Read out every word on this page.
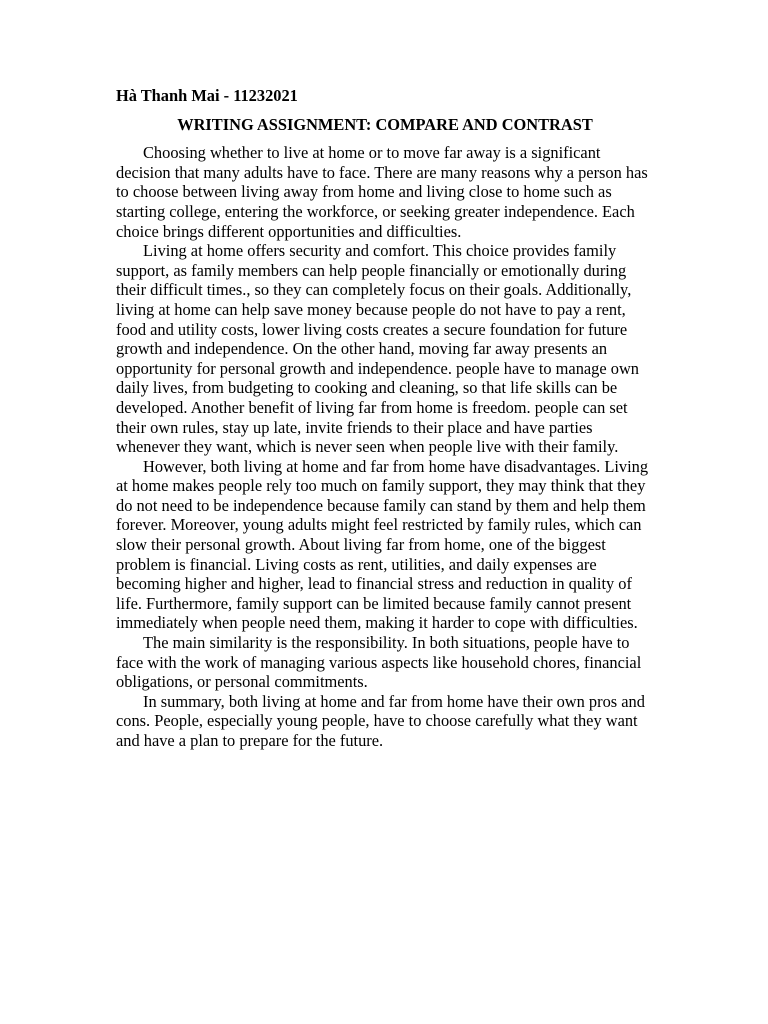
Hà Thanh Mai - 11232021
WRITING ASSIGNMENT: COMPARE AND CONTRAST

Choosing whether to live at home or to move far away is a significant decision that many adults have to face. There are many reasons why a person has to choose between living away from home and living close to home such as starting college, entering the workforce, or seeking greater independence. Each choice brings different opportunities and difficulties.

Living at home offers security and comfort. This choice provides family support, as family members can help people financially or emotionally during their difficult times., so they can completely focus on their goals. Additionally, living at home can help save money because people do not have to pay a rent, food and utility costs, lower living costs creates a secure foundation for future growth and independence. On the other hand, moving far away presents an opportunity for personal growth and independence. people have to manage own daily lives, from budgeting to cooking and cleaning, so that life skills can be developed. Another benefit of living far from home is freedom. people can set their own rules, stay up late, invite friends to their place and have parties whenever they want, which is never seen when people live with their family.

However, both living at home and far from home have disadvantages. Living at home makes people rely too much on family support, they may think that they do not need to be independence because family can stand by them and help them forever. Moreover, young adults might feel restricted by family rules, which can slow their personal growth. About living far from home, one of the biggest problem is financial. Living costs as rent, utilities, and daily expenses are becoming higher and higher, lead to financial stress and reduction in quality of life. Furthermore, family support can be limited because family cannot present immediately when people need them, making it harder to cope with difficulties.

The main similarity is the responsibility. In both situations, people have to face with the work of managing various aspects like household chores, financial obligations, or personal commitments.

In summary, both living at home and far from home have their own pros and cons. People, especially young people, have to choose carefully what they want and have a plan to prepare for the future.
